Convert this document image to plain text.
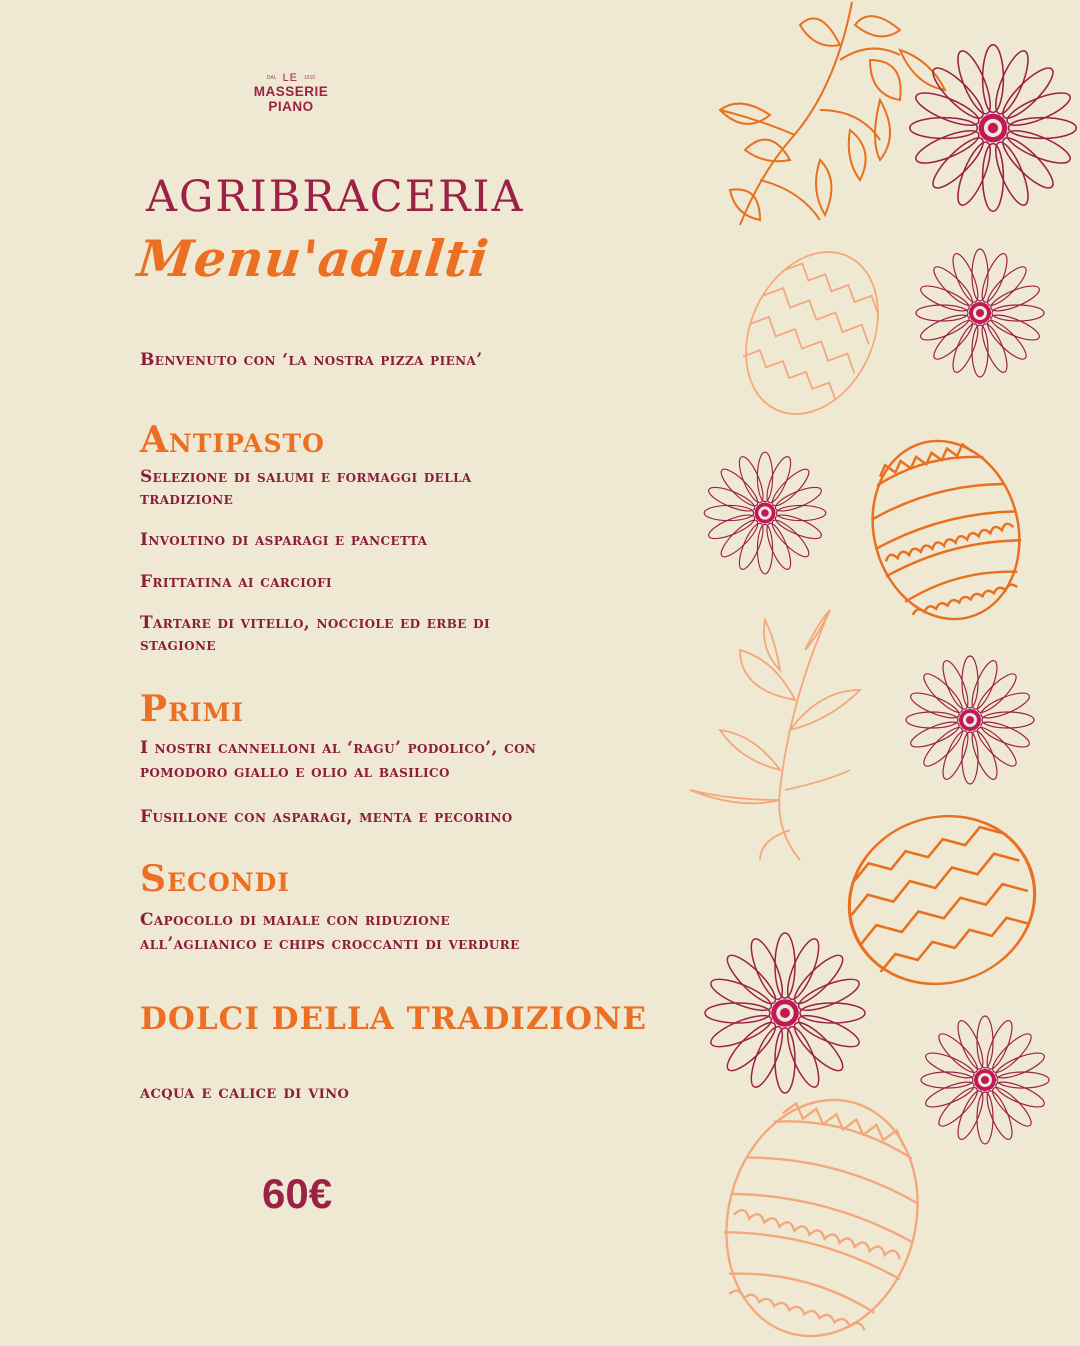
DAL LE 1910
MASSERIE
PIANO
AGRIBRACERIA
Menu'adulti
Benvenuto con ‘la nostra pizza piena’
Antipasto
Selezione di salumi e formaggi della tradizione
Involtino di asparagi e pancetta
Frittatina ai carciofi
Tartare di vitello, nocciole ed erbe di stagione
Primi
I nostri cannelloni al ‘ragu’ podolico’, con pomodoro giallo e olio al basilico
Fusillone con asparagi, menta e pecorino
Secondi
Capocollo di maiale con riduzione all’aglianico e chips croccanti di verdure
DOLCI DELLA TRADIZIONE
acqua e calice di vino
60€
